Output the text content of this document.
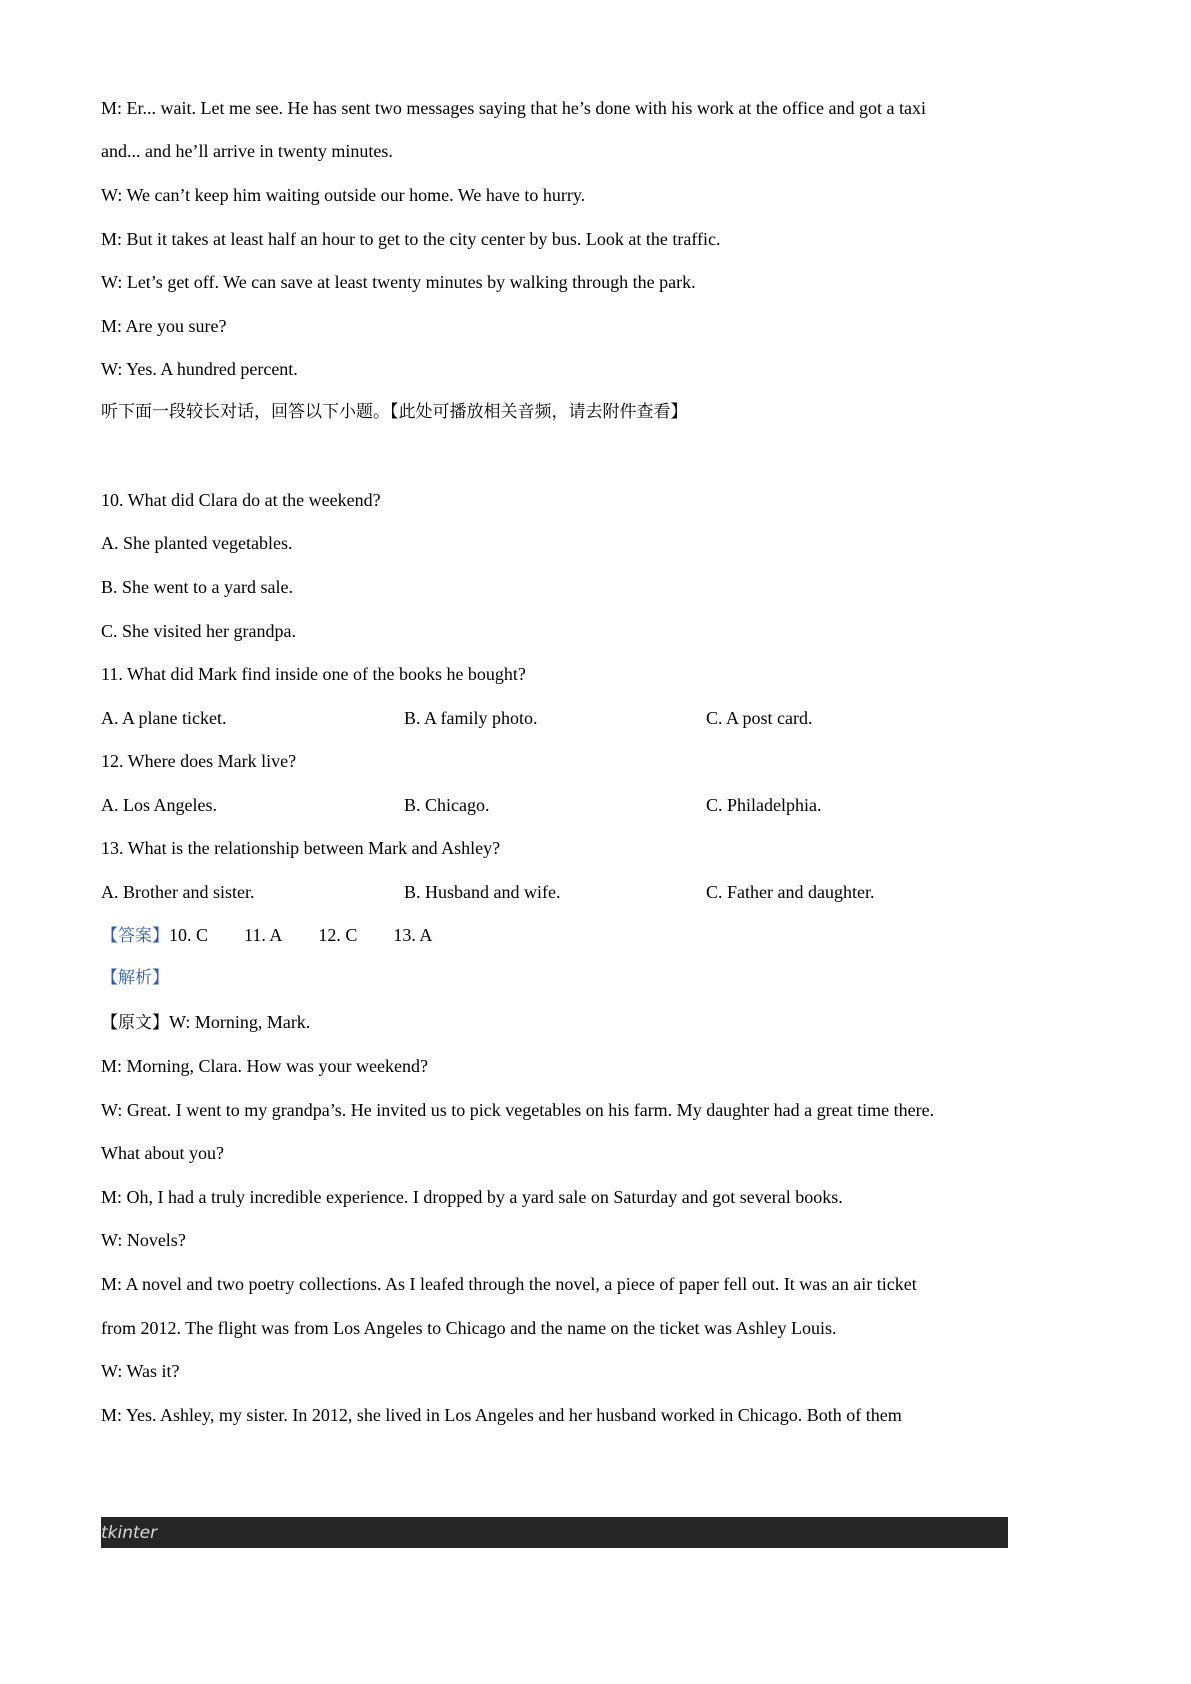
M: Er... wait. Let me see. He has sent two messages saying that he’s done with his work at the office and got a taxi
and... and he’ll arrive in twenty minutes.
W: We can’t keep him waiting outside our home. We have to hurry.
M: But it takes at least half an hour to get to the city center by bus. Look at the traffic.
W: Let’s get off. We can save at least twenty minutes by walking through the park.
M: Are you sure?
W: Yes. A hundred percent.
听下面一段较长对话，回答以下小题。【此处可播放相关音频，请去附件查看】
10. What did Clara do at the weekend?
A. She planted vegetables.
B. She went to a yard sale.
C. She visited her grandpa.
11. What did Mark find inside one of the books he bought?
A. A plane ticket.	B. A family photo.	C. A post card.
12. Where does Mark live?
A. Los Angeles.	B. Chicago.	C. Philadelphia.
13. What is the relationship between Mark and Ashley?
A. Brother and sister.	B. Husband and wife.	C. Father and daughter.
【答案】10. C 11. A 12. C 13. A
【解析】
【原文】W: Morning, Mark.
M: Morning, Clara. How was your weekend?
W: Great. I went to my grandpa’s. He invited us to pick vegetables on his farm. My daughter had a great time there.
What about you?
M: Oh, I had a truly incredible experience. I dropped by a yard sale on Saturday and got several books.
W: Novels?
M: A novel and two poetry collections. As I leafed through the novel, a piece of paper fell out. It was an air ticket
from 2012. The flight was from Los Angeles to Chicago and the name on the ticket was Ashley Louis.
W: Was it?
M: Yes. Ashley, my sister. In 2012, she lived in Los Angeles and her husband worked in Chicago. Both of them
tkinter
